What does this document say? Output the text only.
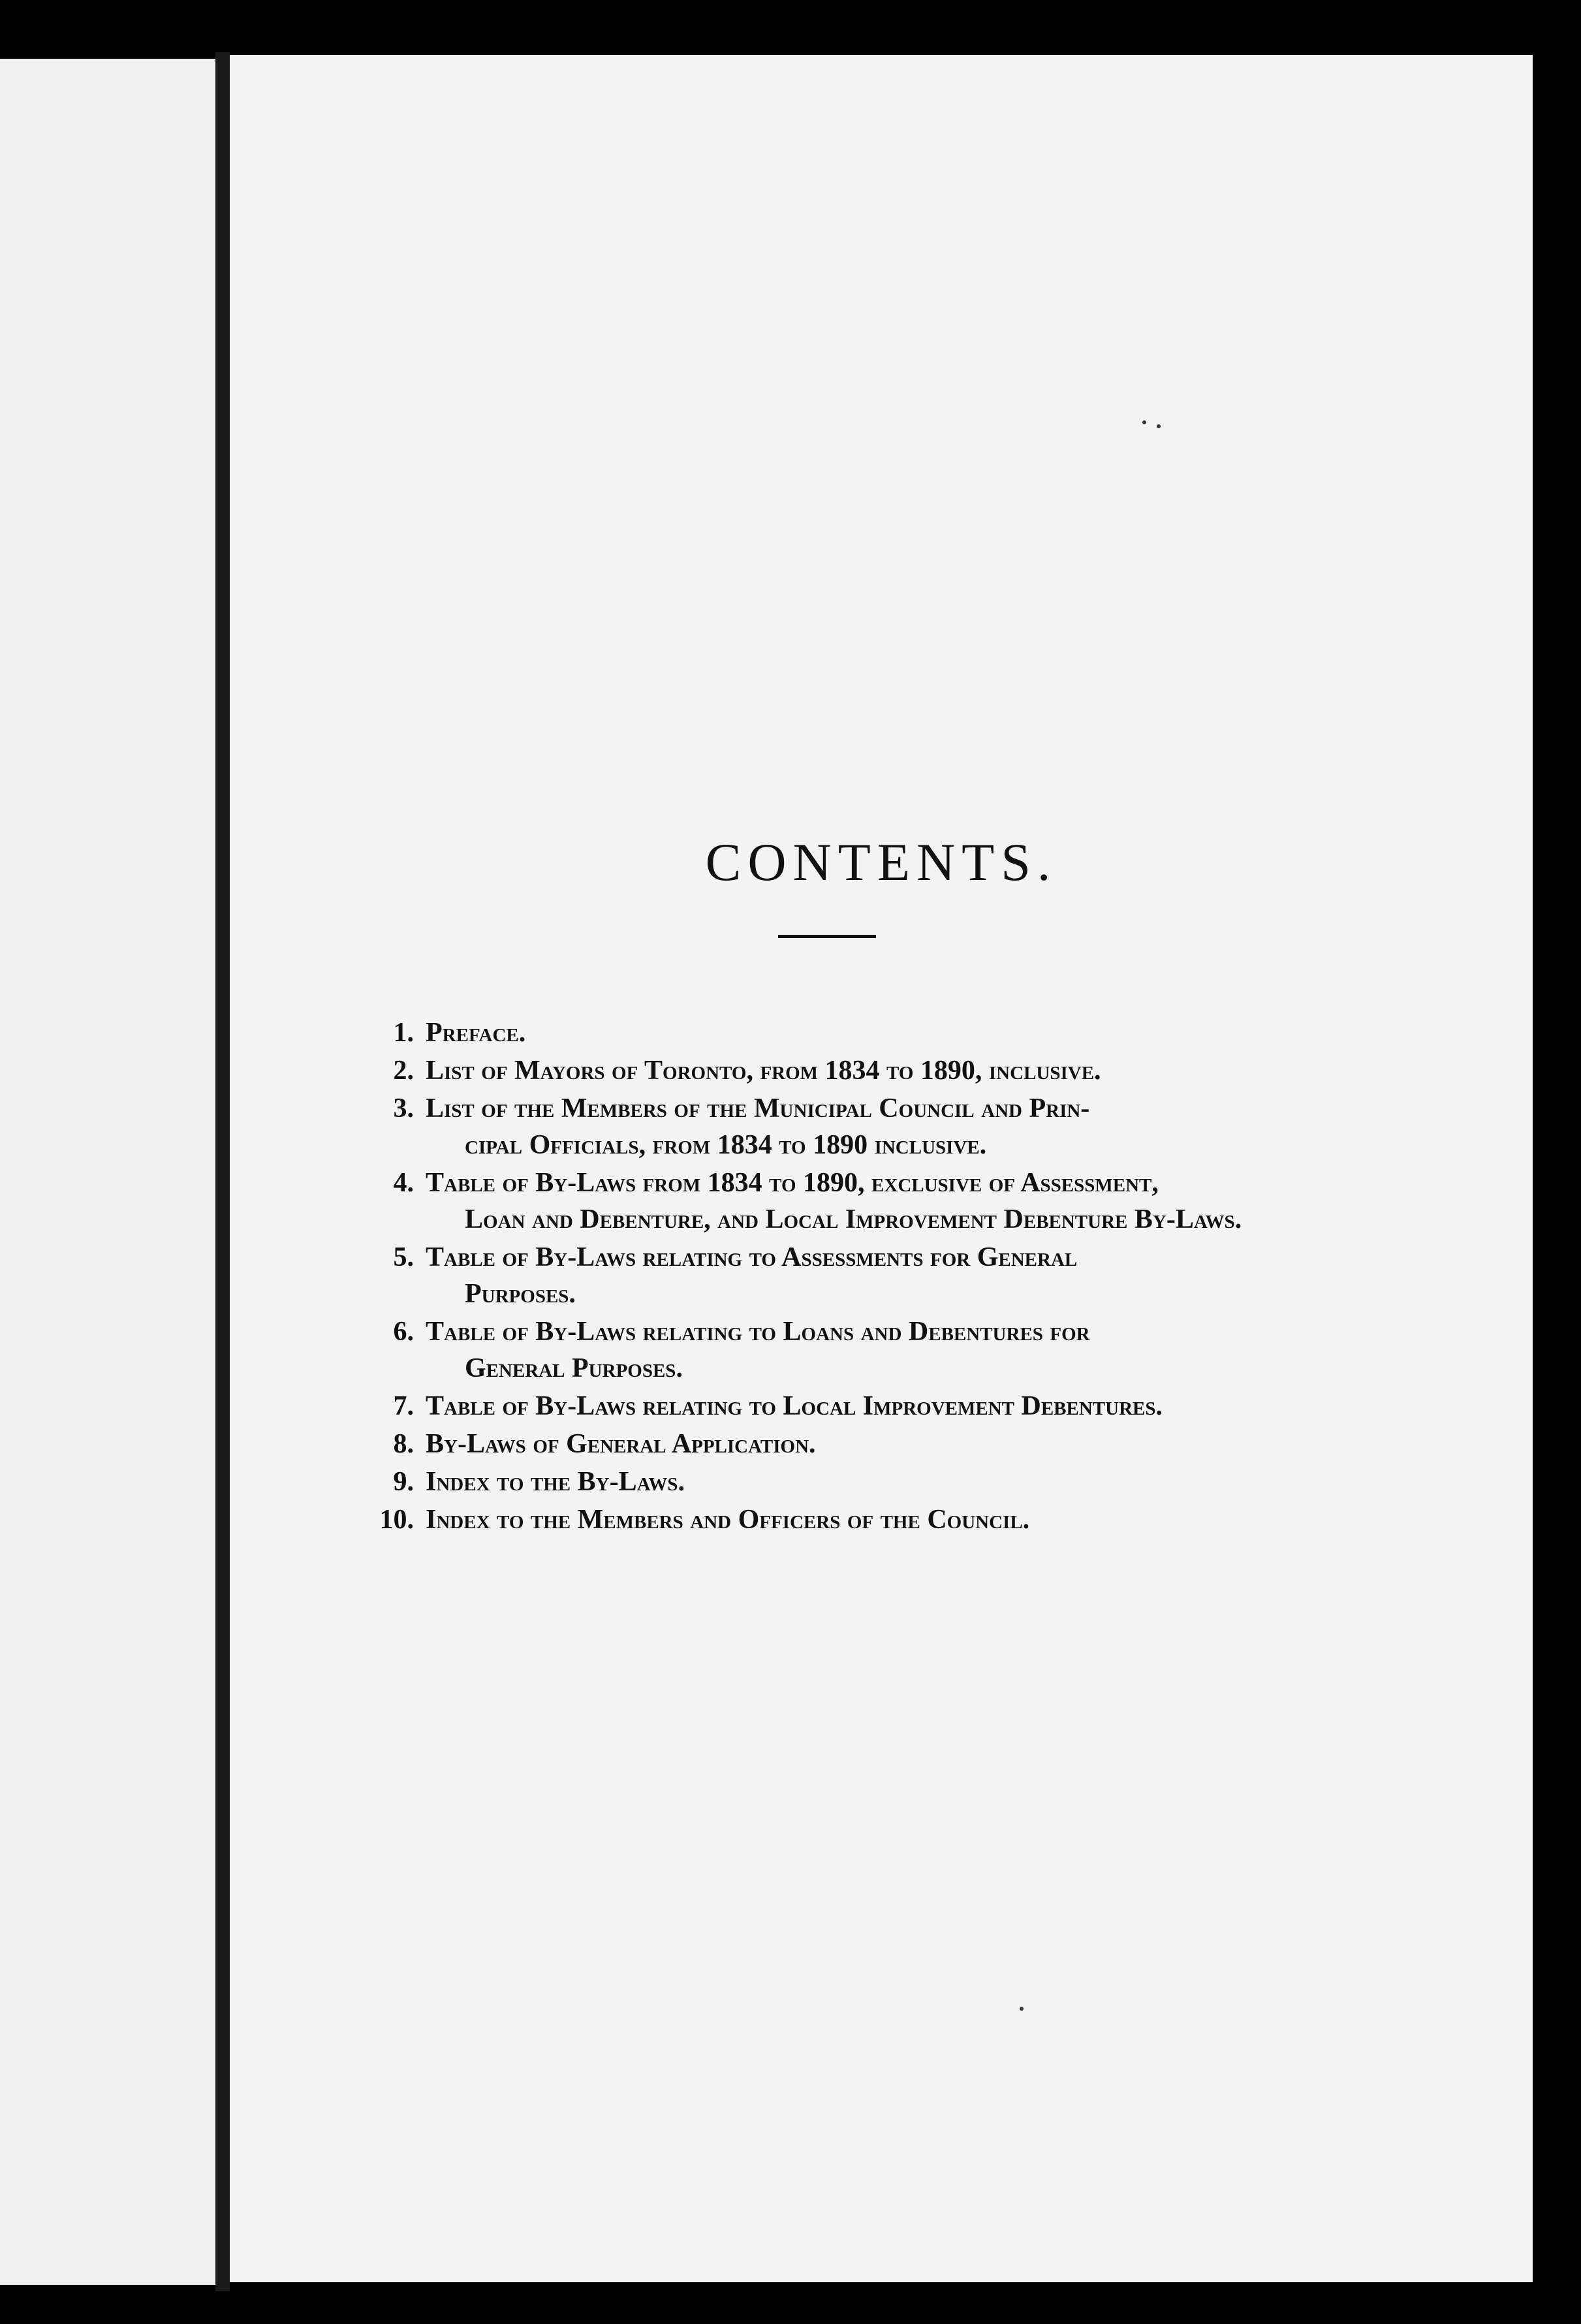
CONTENTS.
1. Preface.
2. List of Mayors of Toronto, from 1834 to 1890, inclusive.
3. List of the Members of the Municipal Council and Prin-
cipal Officials, from 1834 to 1890 inclusive.
4. Table of By-Laws from 1834 to 1890, exclusive of Assessment,
Loan and Debenture, and Local Improvement Debenture By-Laws.
5. Table of By-Laws relating to Assessments for General
Purposes.
6. Table of By-Laws relating to Loans and Debentures for
General Purposes.
7. Table of By-Laws relating to Local Improvement Debentures.
8. By-Laws of General Application.
9. Index to the By-Laws.
10. Index to the Members and Officers of the Council.
